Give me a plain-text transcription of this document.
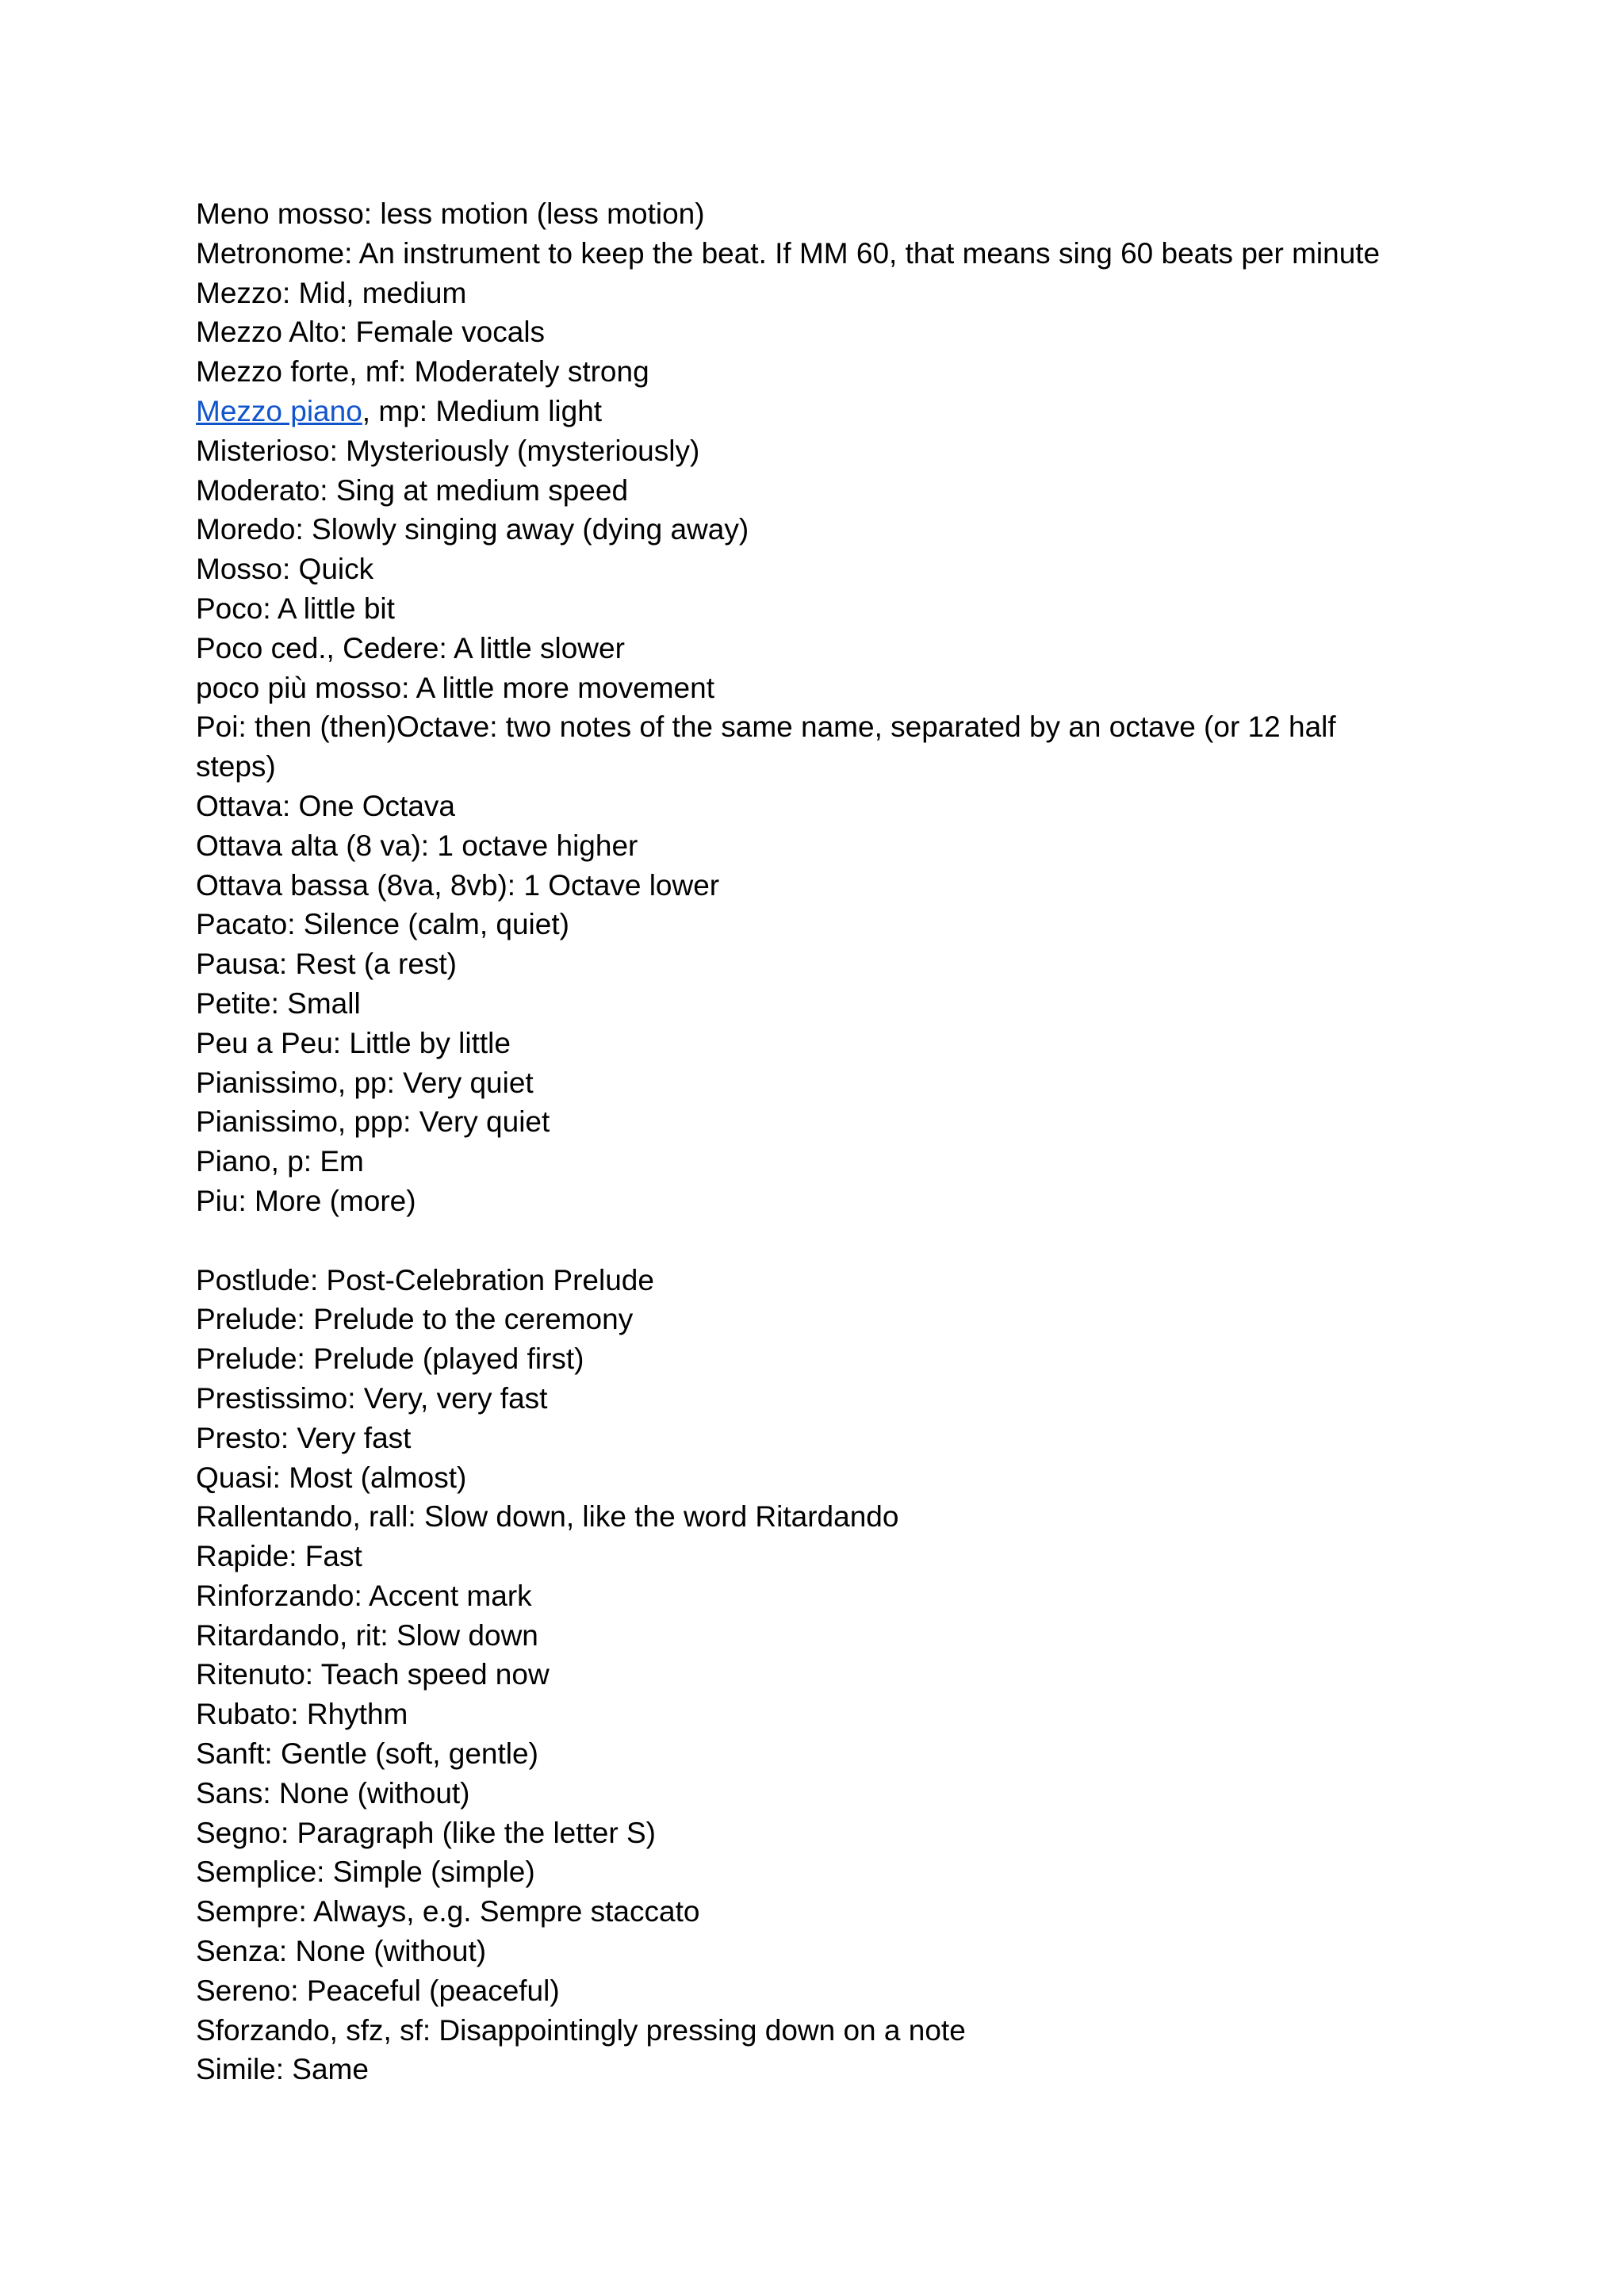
Meno mosso: less motion (less motion)

Metronome: An instrument to keep the beat. If MM 60, that means sing 60 beats per minute

Mezzo: Mid, medium

Mezzo Alto: Female vocals

Mezzo forte, mf: Moderately strong

Mezzo piano, mp: Medium light

Misterioso: Mysteriously (mysteriously)

Moderato: Sing at medium speed

Moredo: Slowly singing away (dying away)

Mosso: Quick

Poco: A little bit

Poco ced., Cedere: A little slower

poco più mosso: A little more movement

Poi: then (then)Octave: two notes of the same name, separated by an octave (or 12 half steps)

Ottava: One Octava

Ottava alta (8 va): 1 octave higher

Ottava bassa (8va, 8vb): 1 Octave lower

Pacato: Silence (calm, quiet)

Pausa: Rest (a rest)

Petite: Small

Peu a Peu: Little by little

Pianissimo, pp: Very quiet

Pianissimo, ppp: Very quiet

Piano, p: Em

Piu: More (more)

Postlude: Post-Celebration Prelude

Prelude: Prelude to the ceremony

Prelude: Prelude (played first)

Prestissimo: Very, very fast

Presto: Very fast

Quasi: Most (almost)

Rallentando, rall: Slow down, like the word Ritardando

Rapide: Fast

Rinforzando: Accent mark

Ritardando, rit: Slow down

Ritenuto: Teach speed now

Rubato: Rhythm

Sanft: Gentle (soft, gentle)

Sans: None (without)

Segno: Paragraph (like the letter S)

Semplice: Simple (simple)

Sempre: Always, e.g. Sempre staccato

Senza: None (without)

Sereno: Peaceful (peaceful)

Sforzando, sfz, sf: Disappointingly pressing down on a note

Simile: Same
